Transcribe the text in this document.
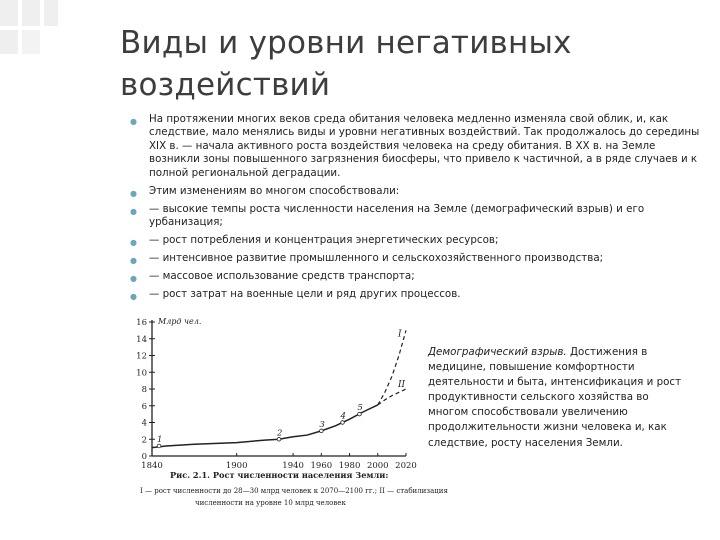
Виды и уровни негативных
воздействий
● На протяжении многих веков среда обитания человека медленно изменяла свой облик, и, как следствие, мало менялись виды и уровни негативных воздействий. Так продолжалось до середины XIX в. — начала активного роста воздействия человека на среду обитания. В XX в. на Земле возникли зоны повышенного загрязнения биосферы, что привело к частичной, а в ряде случаев и к полной региональной деградации.
● Этим изменениям во многом способствовали:
● — высокие темпы роста численности населения на Земле (демографический взрыв) и его урбанизация;
● — рост потребления и концентрация энергетических ресурсов;
● — интенсивное развитие промышленного и сельскохозяйственного производства;
● — массовое использование средств транспорта;
● — рост затрат на военные цели и ряд других процессов.
0
2
4
6
8
10
12
14
16
1840	1900	1940 1960 1980 2000 2020
Млрд чел.
I
II
1
2
3
4
5
Рис. 2.1. Рост численности населения Земли:
I — рост численности до 28—30 млрд человек к 2070—2100 гг.; II — стабилизация численности на уровне 10 млрд человек
Демографический взрыв. Достижения в медицине, повышение комфортности деятельности и быта, интенсификация и рост продуктивности сельского хозяйства во многом способствовали увеличению продолжительности жизни человека и, как следствие, росту населения Земли.
